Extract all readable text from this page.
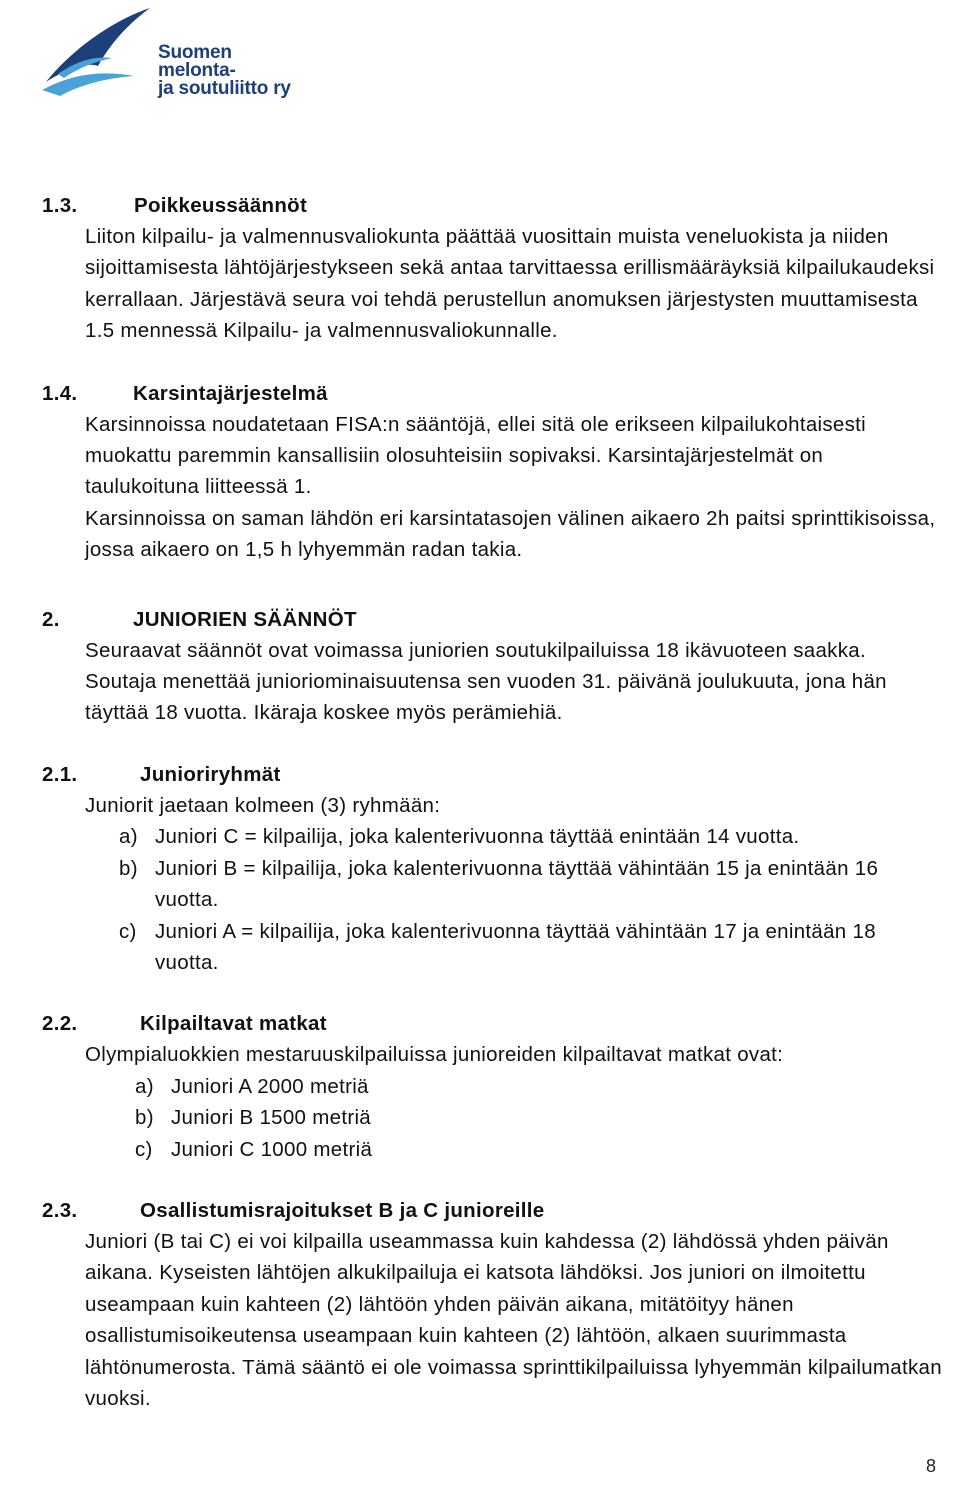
Suomen
melonta-
ja soutuliitto ry
1.3.	Poikkeussäännöt

Liiton kilpailu- ja valmennusvaliokunta päättää vuosittain muista veneluokista ja niiden sijoittamisesta lähtöjärjestykseen sekä antaa tarvittaessa erillismääräyksiä kilpailukaudeksi kerrallaan. Järjestävä seura voi tehdä perustellun anomuksen järjestysten muuttamisesta 1.5 mennessä Kilpailu- ja valmennusvaliokunnalle.

1.4.	Karsintajärjestelmä

Karsinnoissa noudatetaan FISA:n sääntöjä, ellei sitä ole erikseen kilpailukohtaisesti muokattu paremmin kansallisiin olosuhteisiin sopivaksi. Karsintajärjestelmät on taulukoituna liitteessä 1.

Karsinnoissa on saman lähdön eri karsintatasojen välinen aikaero 2h paitsi sprinttikisoissa, jossa aikaero on 1,5 h lyhyemmän radan takia.

2.	JUNIORIEN SÄÄNNÖT

Seuraavat säännöt ovat voimassa juniorien soutukilpailuissa 18 ikävuoteen saakka. Soutaja menettää junioriominaisuutensa sen vuoden 31. päivänä joulukuuta, jona hän täyttää 18 vuotta. Ikäraja koskee myös perämiehiä.

2.1.	Junioriryhmät

Juniorit jaetaan kolmeen (3) ryhmään:

a) Juniori C = kilpailija, joka kalenterivuonna täyttää enintään 14 vuotta.
b) Juniori B = kilpailija, joka kalenterivuonna täyttää vähintään 15 ja enintään 16 vuotta.
c) Juniori A = kilpailija, joka kalenterivuonna täyttää vähintään 17 ja enintään 18 vuotta.
2.2.	Kilpailtavat matkat

Olympialuokkien mestaruuskilpailuissa junioreiden kilpailtavat matkat ovat:

a) Juniori A 2000 metriä
b) Juniori B 1500 metriä
c) Juniori C 1000 metriä
2.3.	Osallistumisrajoitukset B ja C junioreille

Juniori (B tai C) ei voi kilpailla useammassa kuin kahdessa (2) lähdössä yhden päivän aikana. Kyseisten lähtöjen alkukilpailuja ei katsota lähdöksi. Jos juniori on ilmoitettu useampaan kuin kahteen (2) lähtöön yhden päivän aikana, mitätöityy hänen osallistumisoikeutensa useampaan kuin kahteen (2) lähtöön, alkaen suurimmasta lähtönumerosta. Tämä sääntö ei ole voimassa sprinttikilpailuissa lyhyemmän kilpailumatkan vuoksi.

8
